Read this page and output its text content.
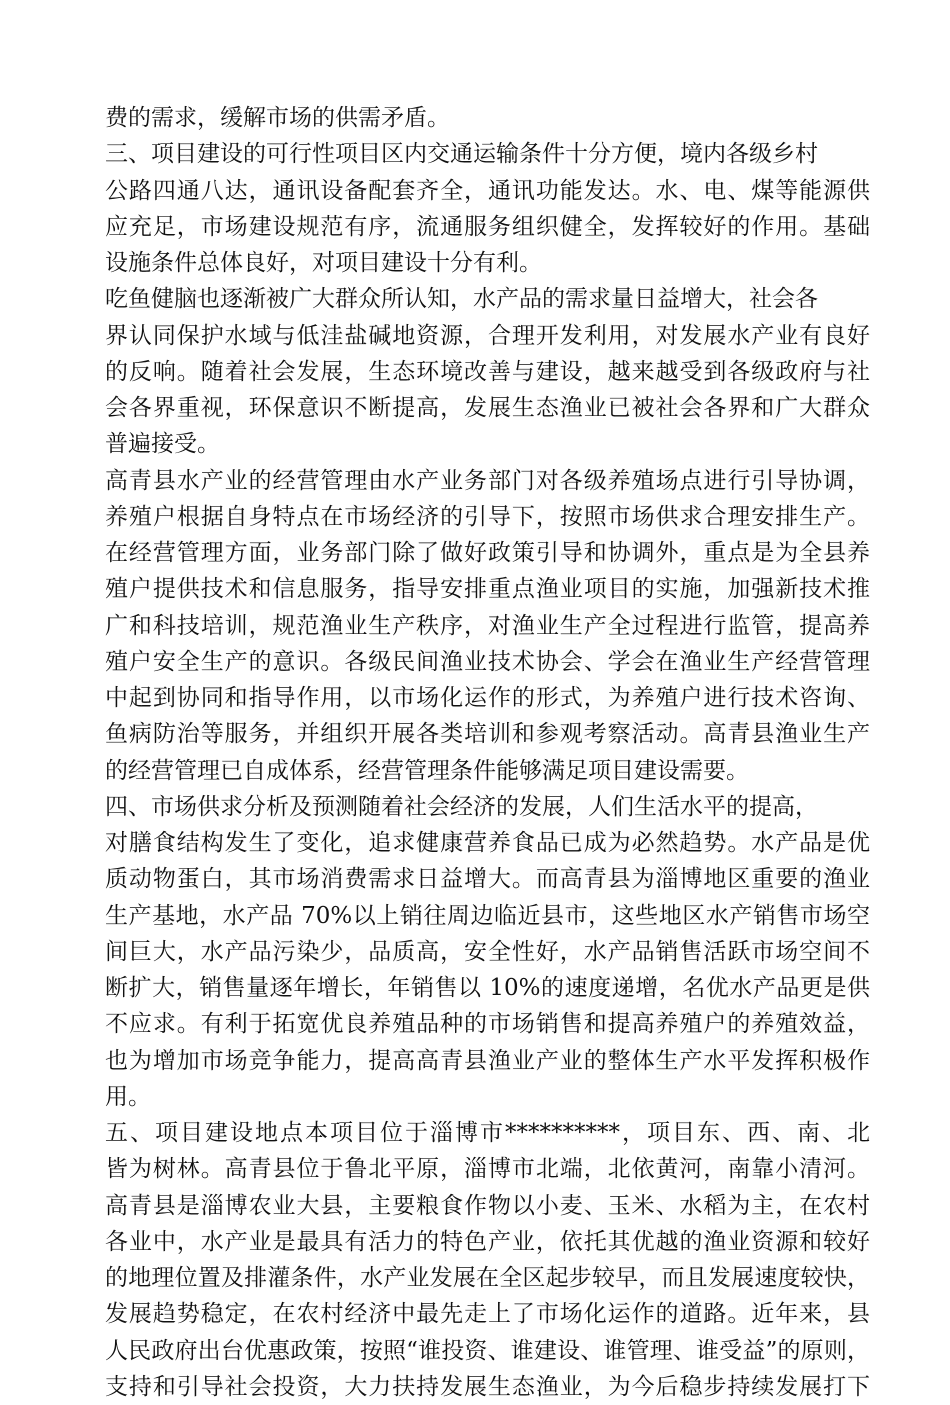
费的需求，缓解市场的供需矛盾。
三、项目建设的可行性项目区内交通运输条件十分方便，境内各级乡村
公路四通八达，通讯设备配套齐全，通讯功能发达。水、电、煤等能源供
应充足，市场建设规范有序，流通服务组织健全，发挥较好的作用。基础
设施条件总体良好，对项目建设十分有利。
吃鱼健脑也逐渐被广大群众所认知，水产品的需求量日益增大，社会各
界认同保护水域与低洼盐碱地资源，合理开发利用，对发展水产业有良好
的反响。随着社会发展，生态环境改善与建设，越来越受到各级政府与社
会各界重视，环保意识不断提高，发展生态渔业已被社会各界和广大群众
普遍接受。
高青县水产业的经营管理由水产业务部门对各级养殖场点进行引导协调，
养殖户根据自身特点在市场经济的引导下，按照市场供求合理安排生产。
在经营管理方面，业务部门除了做好政策引导和协调外，重点是为全县养
殖户提供技术和信息服务，指导安排重点渔业项目的实施，加强新技术推
广和科技培训，规范渔业生产秩序，对渔业生产全过程进行监管，提高养
殖户安全生产的意识。各级民间渔业技术协会、学会在渔业生产经营管理
中起到协同和指导作用，以市场化运作的形式，为养殖户进行技术咨询、
鱼病防治等服务，并组织开展各类培训和参观考察活动。高青县渔业生产
的经营管理已自成体系，经营管理条件能够满足项目建设需要。
四、市场供求分析及预测随着社会经济的发展，人们生活水平的提高，
对膳食结构发生了变化，追求健康营养食品已成为必然趋势。水产品是优
质动物蛋白，其市场消费需求日益增大。而高青县为淄博地区重要的渔业
生产基地，水产品 70%以上销往周边临近县市，这些地区水产销售市场空
间巨大，水产品污染少，品质高，安全性好，水产品销售活跃市场空间不
断扩大，销售量逐年增长，年销售以 10%的速度递增，名优水产品更是供
不应求。有利于拓宽优良养殖品种的市场销售和提高养殖户的养殖效益，
也为增加市场竞争能力，提高高青县渔业产业的整体生产水平发挥积极作
用。
五、项目建设地点本项目位于淄博市**********，项目东、西、南、北
皆为树林。高青县位于鲁北平原，淄博市北端，北依黄河，南靠小清河。
高青县是淄博农业大县，主要粮食作物以小麦、玉米、水稻为主，在农村
各业中，水产业是最具有活力的特色产业，依托其优越的渔业资源和较好
的地理位置及排灌条件，水产业发展在全区起步较早，而且发展速度较快，
发展趋势稳定，在农村经济中最先走上了市场化运作的道路。近年来，县
人民政府出台优惠政策，按照“谁投资、谁建设、谁管理、谁受益”的原则，
支持和引导社会投资，大力扶持发展生态渔业，为今后稳步持续发展打下
